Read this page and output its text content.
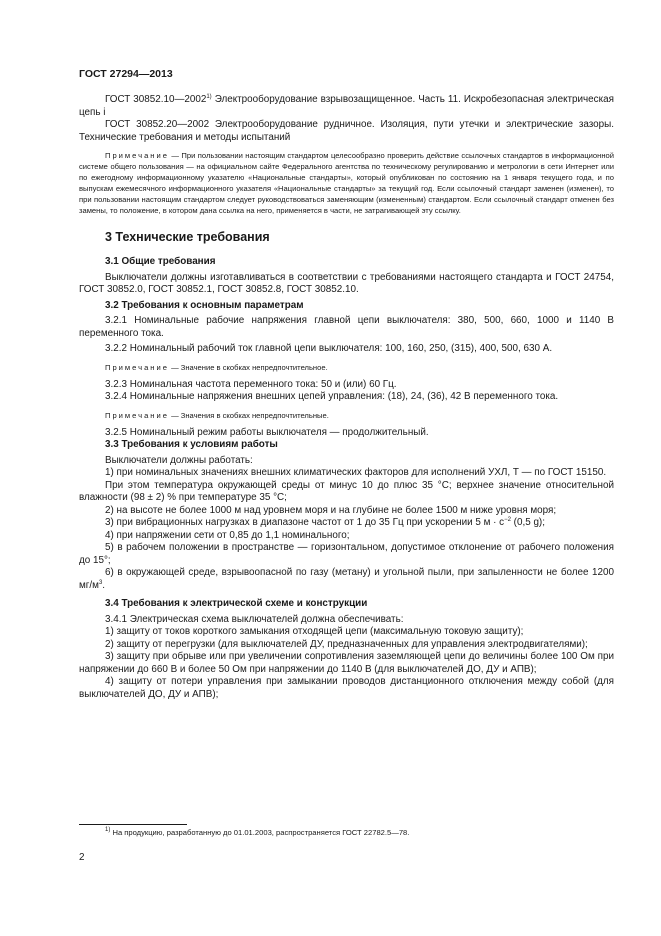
ГОСТ 27294—2013

ГОСТ 30852.10—2002$^{1)}$ Электрооборудование взрывозащищенное. Часть 11. Искробезопасная электрическая цепь i

ГОСТ 30852.20—2002 Электрооборудование рудничное. Изоляция, пути утечки и электрические зазоры. Технические требования и методы испытаний

Примечание — При пользовании настоящим стандартом целесообразно проверить действие ссылочных стандартов в информационной системе общего пользования — на официальном сайте Федерального агентства по техническому регулированию и метрологии в сети Интернет или по ежегодному информационному указателю «Национальные стандарты», который опубликован по состоянию на 1 января текущего года, и по выпускам ежемесячного информационного указателя «Национальные стандарты» за текущий год. Если ссылочный стандарт заменен (изменен), то при пользовании настоящим стандартом следует руководствоваться заменяющим (измененным) стандартом. Если ссылочный стандарт отменен без замены, то положение, в котором дана ссылка на него, применяется в части, не затрагивающей эту ссылку.

3 Технические требования
3.1 Общие требования

Выключатели должны изготавливаться в соответствии с требованиями настоящего стандарта и ГОСТ 24754, ГОСТ 30852.0, ГОСТ 30852.1, ГОСТ 30852.8, ГОСТ 30852.10.

3.2 Требования к основным параметрам

3.2.1 Номинальные рабочие напряжения главной цепи выключателя: 380, 500, 660, 1000 и 1140 В переменного тока.

3.2.2 Номинальный рабочий ток главной цепи выключателя: 100, 160, 250, (315), 400, 500, 630 А.

Примечание — Значение в скобках непредпочтительное.

3.2.3 Номинальная частота переменного тока: 50 и (или) 60 Гц.

3.2.4 Номинальные напряжения внешних цепей управления: (18), 24, (36), 42 В переменного тока.

Примечание — Значения в скобках непредпочтительные.

3.2.5 Номинальный режим работы выключателя — продолжительный.

3.3 Требования к условиям работы

Выключатели должны работать:

1) при номинальных значениях внешних климатических факторов для исполнений УХЛ, Т — по ГОСТ 15150.

При этом температура окружающей среды от минус 10 до плюс 35 °С; верхнее значение относительной влажности (98 ± 2) % при температуре 35 °С;

2) на высоте не более 1000 м над уровнем моря и на глубине не более 1500 м ниже уровня моря;

3) при вибрационных нагрузках в диапазоне частот от 1 до 35 Гц при ускорении 5 $м \cdot с^{-2}$ (0,5 g);

4) при напряжении сети от 0,85 до 1,1 номинального;

5) в рабочем положении в пространстве — горизонтальном, допустимое отклонение от рабочего положения до 15°;

6) в окружающей среде, взрывоопасной по газу (метану) и угольной пыли, при запыленности не более 1200 $мг/м^3$.

3.4 Требования к электрической схеме и конструкции

3.4.1 Электрическая схема выключателей должна обеспечивать:

1) защиту от токов короткого замыкания отходящей цепи (максимальную токовую защиту);

2) защиту от перегрузки (для выключателей ДУ, предназначенных для управления электродвигателями);

3) защиту при обрыве или при увеличении сопротивления заземляющей цепи до величины более 100 Ом при напряжении до 660 В и более 50 Ом при напряжении до 1140 В (для выключателей ДО, ДУ и АПВ);

4) защиту от потери управления при замыкании проводов дистанционного отключения между собой (для выключателей ДО, ДУ и АПВ);

$^{1)}$ На продукцию, разработанную до 01.01.2003, распространяется ГОСТ 22782.5—78.
2
